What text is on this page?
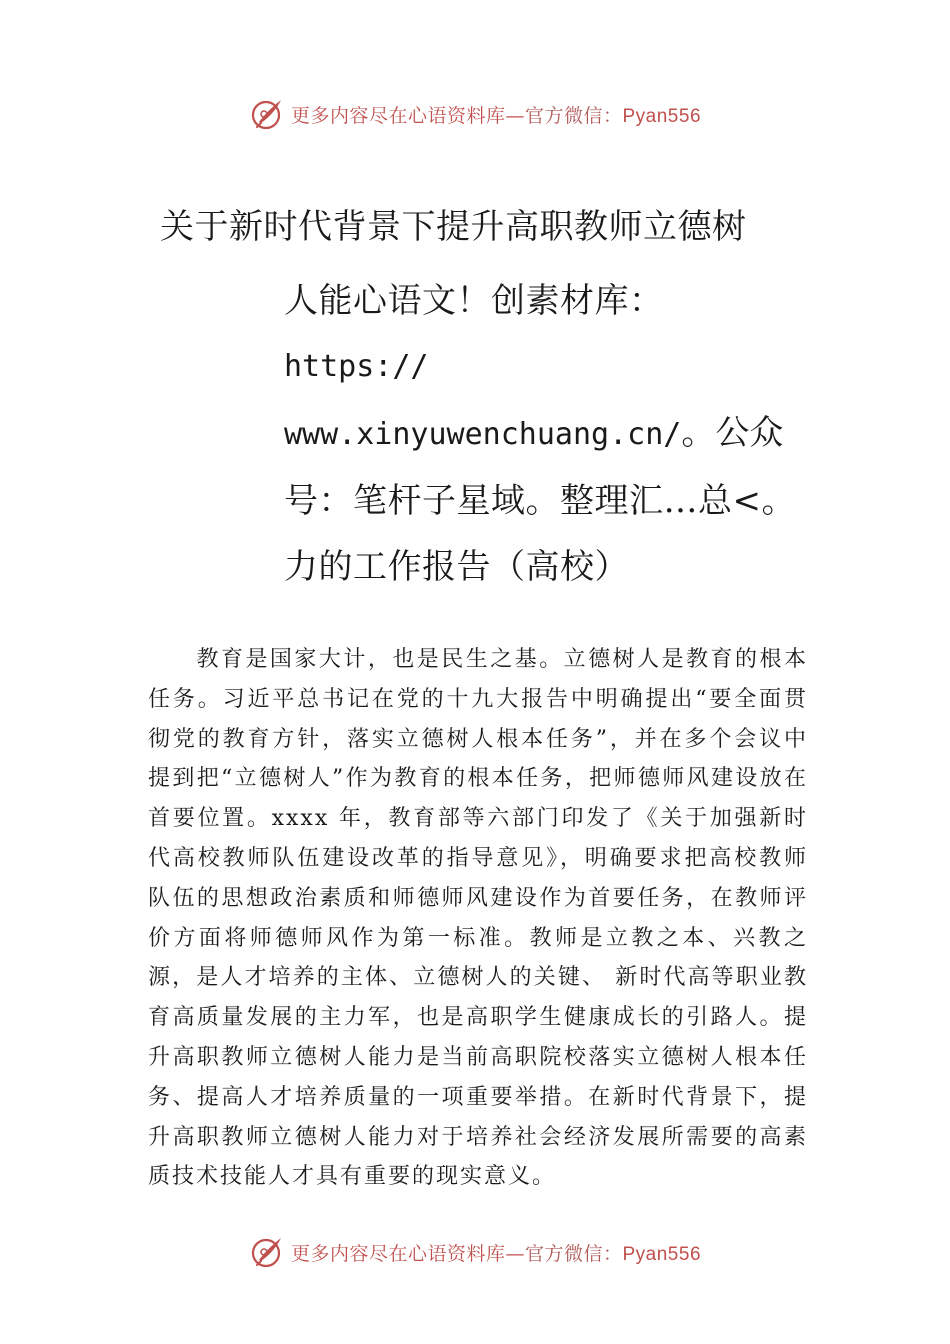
更多内容尽在心语资料库—官方微信：Pyan556
关于新时代背景下提升高职教师立德树
人能心语文！创素材库：
https://
www.xinyuwenchuang.cn/。公众
号：笔杆子星域。整理汇…总<。
力的工作报告（高校）

教育是国家大计，也是民生之基。立德树人是教育的根本任务。习近平总书记在党的十九大报告中明确提出“要全面贯彻党的教育方针，落实立德树人根本任务”，并在多个会议中提到把“立德树人”作为教育的根本任务，把师德师风建设放在首要位置。xxxx 年，教育部等六部门印发了《关于加强新时代高校教师队伍建设改革的指导意见》，明确要求把高校教师队伍的思想政治素质和师德师风建设作为首要任务，在教师评价方面将师德师风作为第一标准。教师是立教之本、兴教之源，是人才培养的主体、立德树人的关键、 新时代高等职业教育高质量发展的主力军，也是高职学生健康成长的引路人。提升高职教师立德树人能力是当前高职院校落实立德树人根本任务、提高人才培养质量的一项重要举措。在新时代背景下，提升高职教师立德树人能力对于培养社会经济发展所需要的高素质技术技能人才具有重要的现实意义。

更多内容尽在心语资料库—官方微信：Pyan556
